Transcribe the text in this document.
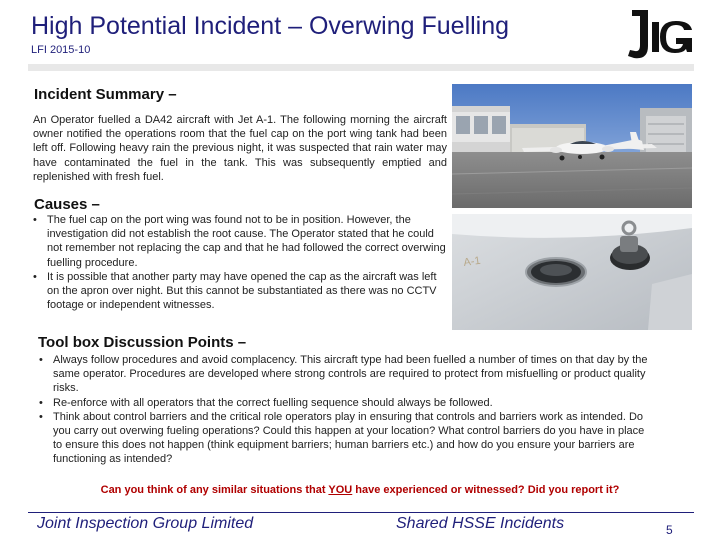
High Potential Incident – Overwing Fuelling
LFI 2015-10
Incident Summary –
An Operator fuelled a DA42 aircraft with Jet A-1. The following morning the aircraft owner notified the operations room that the fuel cap on the port wing tank had been left off. Following heavy rain the previous night, it was suspected that rain water may have contaminated the fuel in the tank. This was subsequently emptied and replenished with fresh fuel.
Causes –
• The fuel cap on the port wing was found not to be in position. However, the investigation did not establish the root cause. The Operator stated that he could not remember not replacing the cap and that he had followed the correct overwing fuelling procedure.
• It is possible that another party may have opened the cap as the aircraft was left on the apron over night. But this cannot be substantiated as there was no CCTV footage or independent witnesses.
Tool box Discussion Points –
• Always follow procedures and avoid complacency. This aircraft type had been fuelled a number of times on that day by the same operator. Procedures are developed where strong controls are required to protect from misfuelling or product quality risks.
• Re-enforce with all operators that the correct fuelling sequence should always be followed.
• Think about control barriers and the critical role operators play in ensuring that controls and barriers work as intended. Do you carry out overwing fueling operations? Could this happen at your location? What control barriers do you have in place to ensure this does not happen (think equipment barriers; human barriers etc.) and how do you ensure your barriers are functioning as intended?
Can you think of any similar situations that YOU have experienced or witnessed? Did you report it?
A-1
Joint Inspection Group Limited	Shared HSSE Incidents	5
